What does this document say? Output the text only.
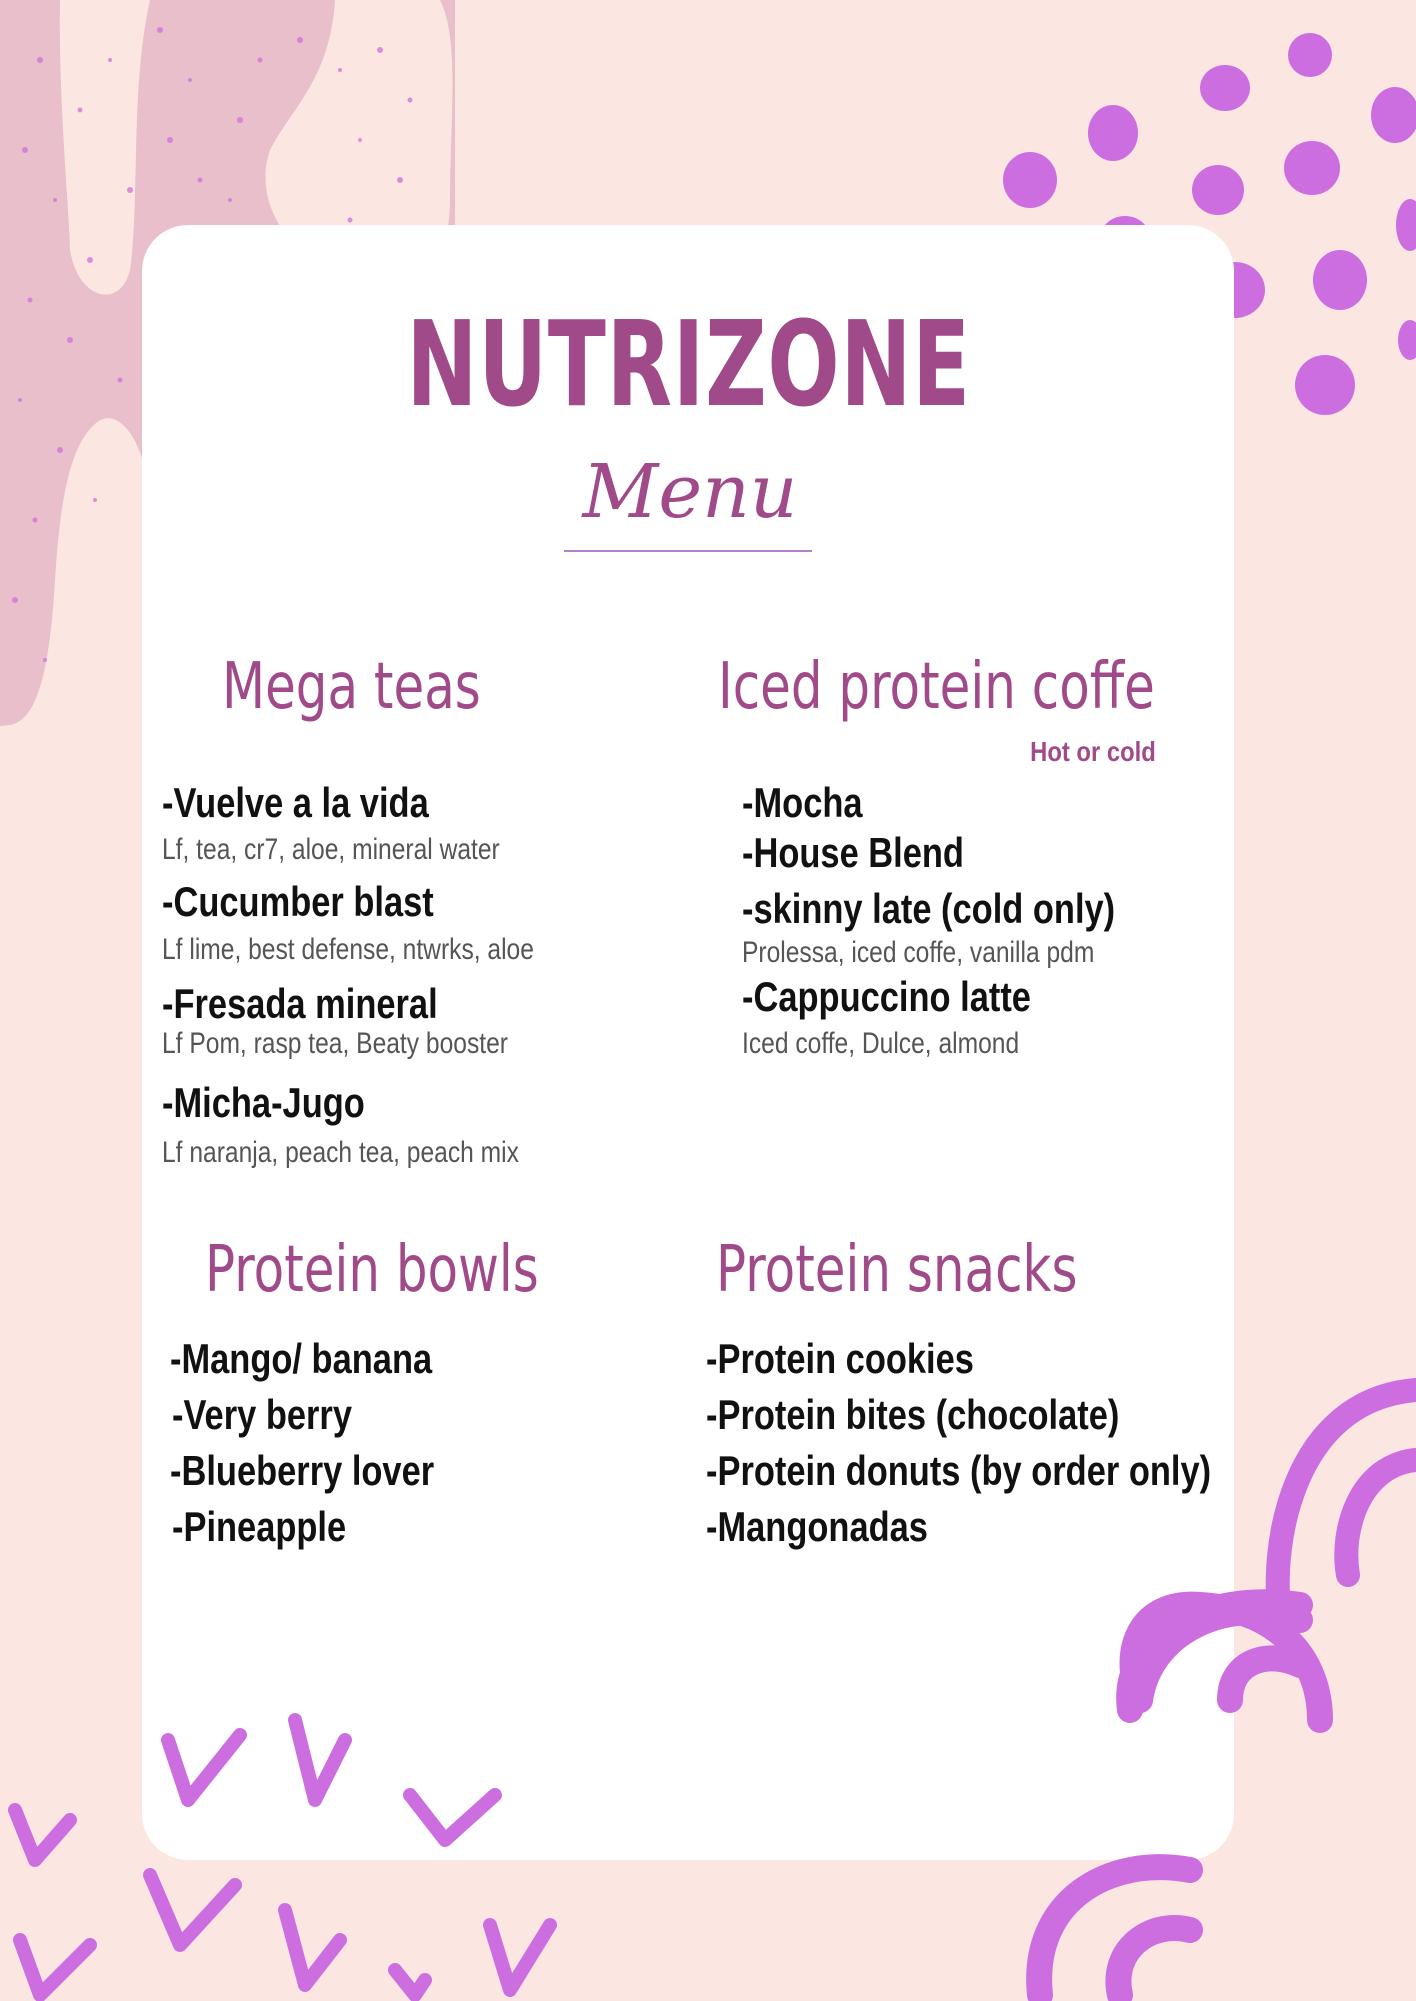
NUTRIZONE
Menu
Mega teas
-Vuelve a la vida
Lf, tea, cr7, aloe, mineral water
-Cucumber blast
Lf lime, best defense, ntwrks, aloe
-Fresada mineral
Lf Pom, rasp tea, Beaty booster
-Micha-Jugo
Lf naranja, peach tea, peach mix
Iced protein coffe
Hot or cold
-Mocha
-House Blend
-skinny late (cold only)
Prolessa, iced coffe, vanilla pdm
-Cappuccino latte
Iced coffe, Dulce, almond
Protein bowls
-Mango/ banana
-Very berry
-Blueberry lover
-Pineapple
Protein snacks
-Protein cookies
-Protein bites (chocolate)
-Protein donuts (by order only)
-Mangonadas
